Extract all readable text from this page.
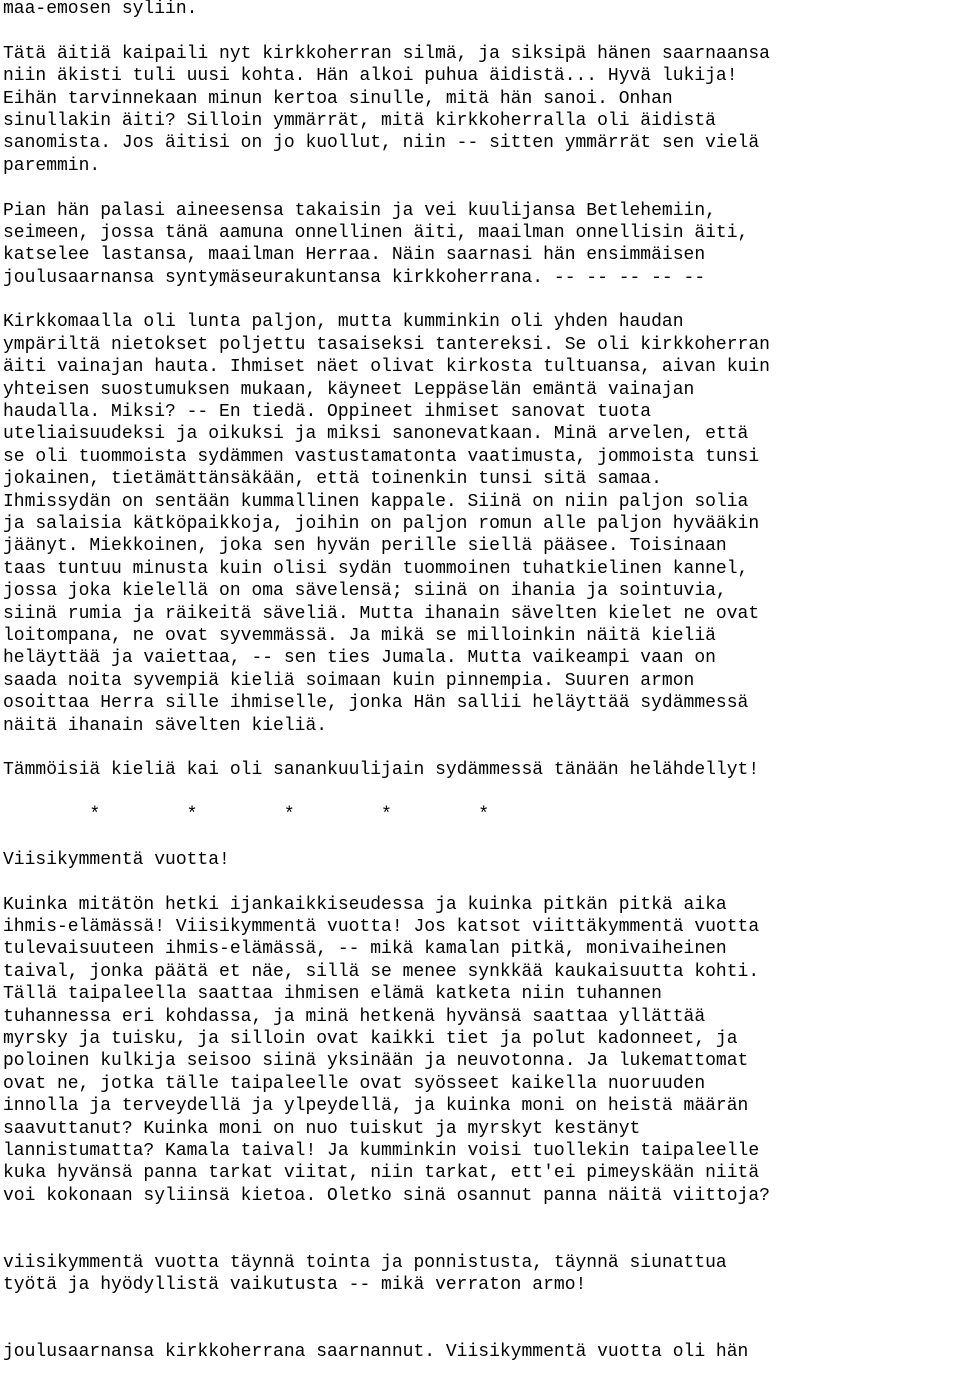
maa-emosen syliin.
Tätä äitiä kaipaili nyt kirkkoherran silmä, ja siksipä hänen saarnaansa
niin äkisti tuli uusi kohta. Hän alkoi puhua äidistä... Hyvä lukija!
Eihän tarvinnekaan minun kertoa sinulle, mitä hän sanoi. Onhan
sinullakin äiti? Silloin ymmärrät, mitä kirkkoherralla oli äidistä
sanomista. Jos äitisi on jo kuollut, niin -- sitten ymmärrät sen vielä
paremmin.
Pian hän palasi aineesensa takaisin ja vei kuulijansa Betlehemiin,
seimeen, jossa tänä aamuna onnellinen äiti, maailman onnellisin äiti,
katselee lastansa, maailman Herraa. Näin saarnasi hän ensimmäisen
joulusaarnansa syntymäseurakuntansa kirkkoherrana. -- -- -- -- --
Kirkkomaalla oli lunta paljon, mutta kumminkin oli yhden haudan
ympäriltä nietokset poljettu tasaiseksi tantereksi. Se oli kirkkoherran
äiti vainajan hauta. Ihmiset näet olivat kirkosta tultuansa, aivan kuin
yhteisen suostumuksen mukaan, käyneet Leppäselän emäntä vainajan
haudalla. Miksi? -- En tiedä. Oppineet ihmiset sanovat tuota
uteliaisuudeksi ja oikuksi ja miksi sanonevatkaan. Minä arvelen, että
se oli tuommoista sydämmen vastustamatonta vaatimusta, jommoista tunsi
jokainen, tietämättänsäkään, että toinenkin tunsi sitä samaa.
Ihmissydän on sentään kummallinen kappale. Siinä on niin paljon solia
ja salaisia kätköpaikkoja, joihin on paljon romun alle paljon hyvääkin
jäänyt. Miekkoinen, joka sen hyvän perille siellä pääsee. Toisinaan
taas tuntuu minusta kuin olisi sydän tuommoinen tuhatkielinen kannel,
jossa joka kielellä on oma sävelensä; siinä on ihania ja sointuvia,
siinä rumia ja räikeitä säveliä. Mutta ihanain sävelten kielet ne ovat
loitompana, ne ovat syvemmässä. Ja mikä se milloinkin näitä kieliä
heläyttää ja vaiettaa, -- sen ties Jumala. Mutta vaikeampi vaan on
saada noita syvempiä kieliä soimaan kuin pinnempia. Suuren armon
osoittaa Herra sille ihmiselle, jonka Hän sallii heläyttää sydämmessä
näitä ihanain sävelten kieliä.
Tämmöisiä kieliä kai oli sanankuulijain sydämmessä tänään helähdellyt!
*        *        *        *        *
Viisikymmentä vuotta!
Kuinka mitätön hetki ijankaikkiseudessa ja kuinka pitkän pitkä aika
ihmis-elämässä! Viisikymmentä vuotta! Jos katsot viittäkymmentä vuotta
tulevaisuuteen ihmis-elämässä, -- mikä kamalan pitkä, monivaiheinen
taival, jonka päätä et näe, sillä se menee synkkää kaukaisuutta kohti.
Tällä taipaleella saattaa ihmisen elämä katketa niin tuhannen
tuhannessa eri kohdassa, ja minä hetkenä hyvänsä saattaa yllättää
myrsky ja tuisku, ja silloin ovat kaikki tiet ja polut kadonneet, ja
poloinen kulkija seisoo siinä yksinään ja neuvotonna. Ja lukemattomat
ovat ne, jotka tälle taipaleelle ovat syösseet kaikella nuoruuden
innolla ja terveydellä ja ylpeydellä, ja kuinka moni on heistä määrän
saavuttanut? Kuinka moni on nuo tuiskut ja myrskyt kestänyt
lannistumatta? Kamala taival! Ja kumminkin voisi tuollekin taipaleelle
kuka hyvänsä panna tarkat viitat, niin tarkat, ett'ei pimeyskään niitä
voi kokonaan syliinsä kietoa. Oletko sinä osannut panna näitä viittoja?
viisikymmentä vuotta täynnä tointa ja ponnistusta, täynnä siunattua
työtä ja hyödyllistä vaikutusta -- mikä verraton armo!
joulusaarnansa kirkkoherrana saarnannut. Viisikymmentä vuotta oli hän
